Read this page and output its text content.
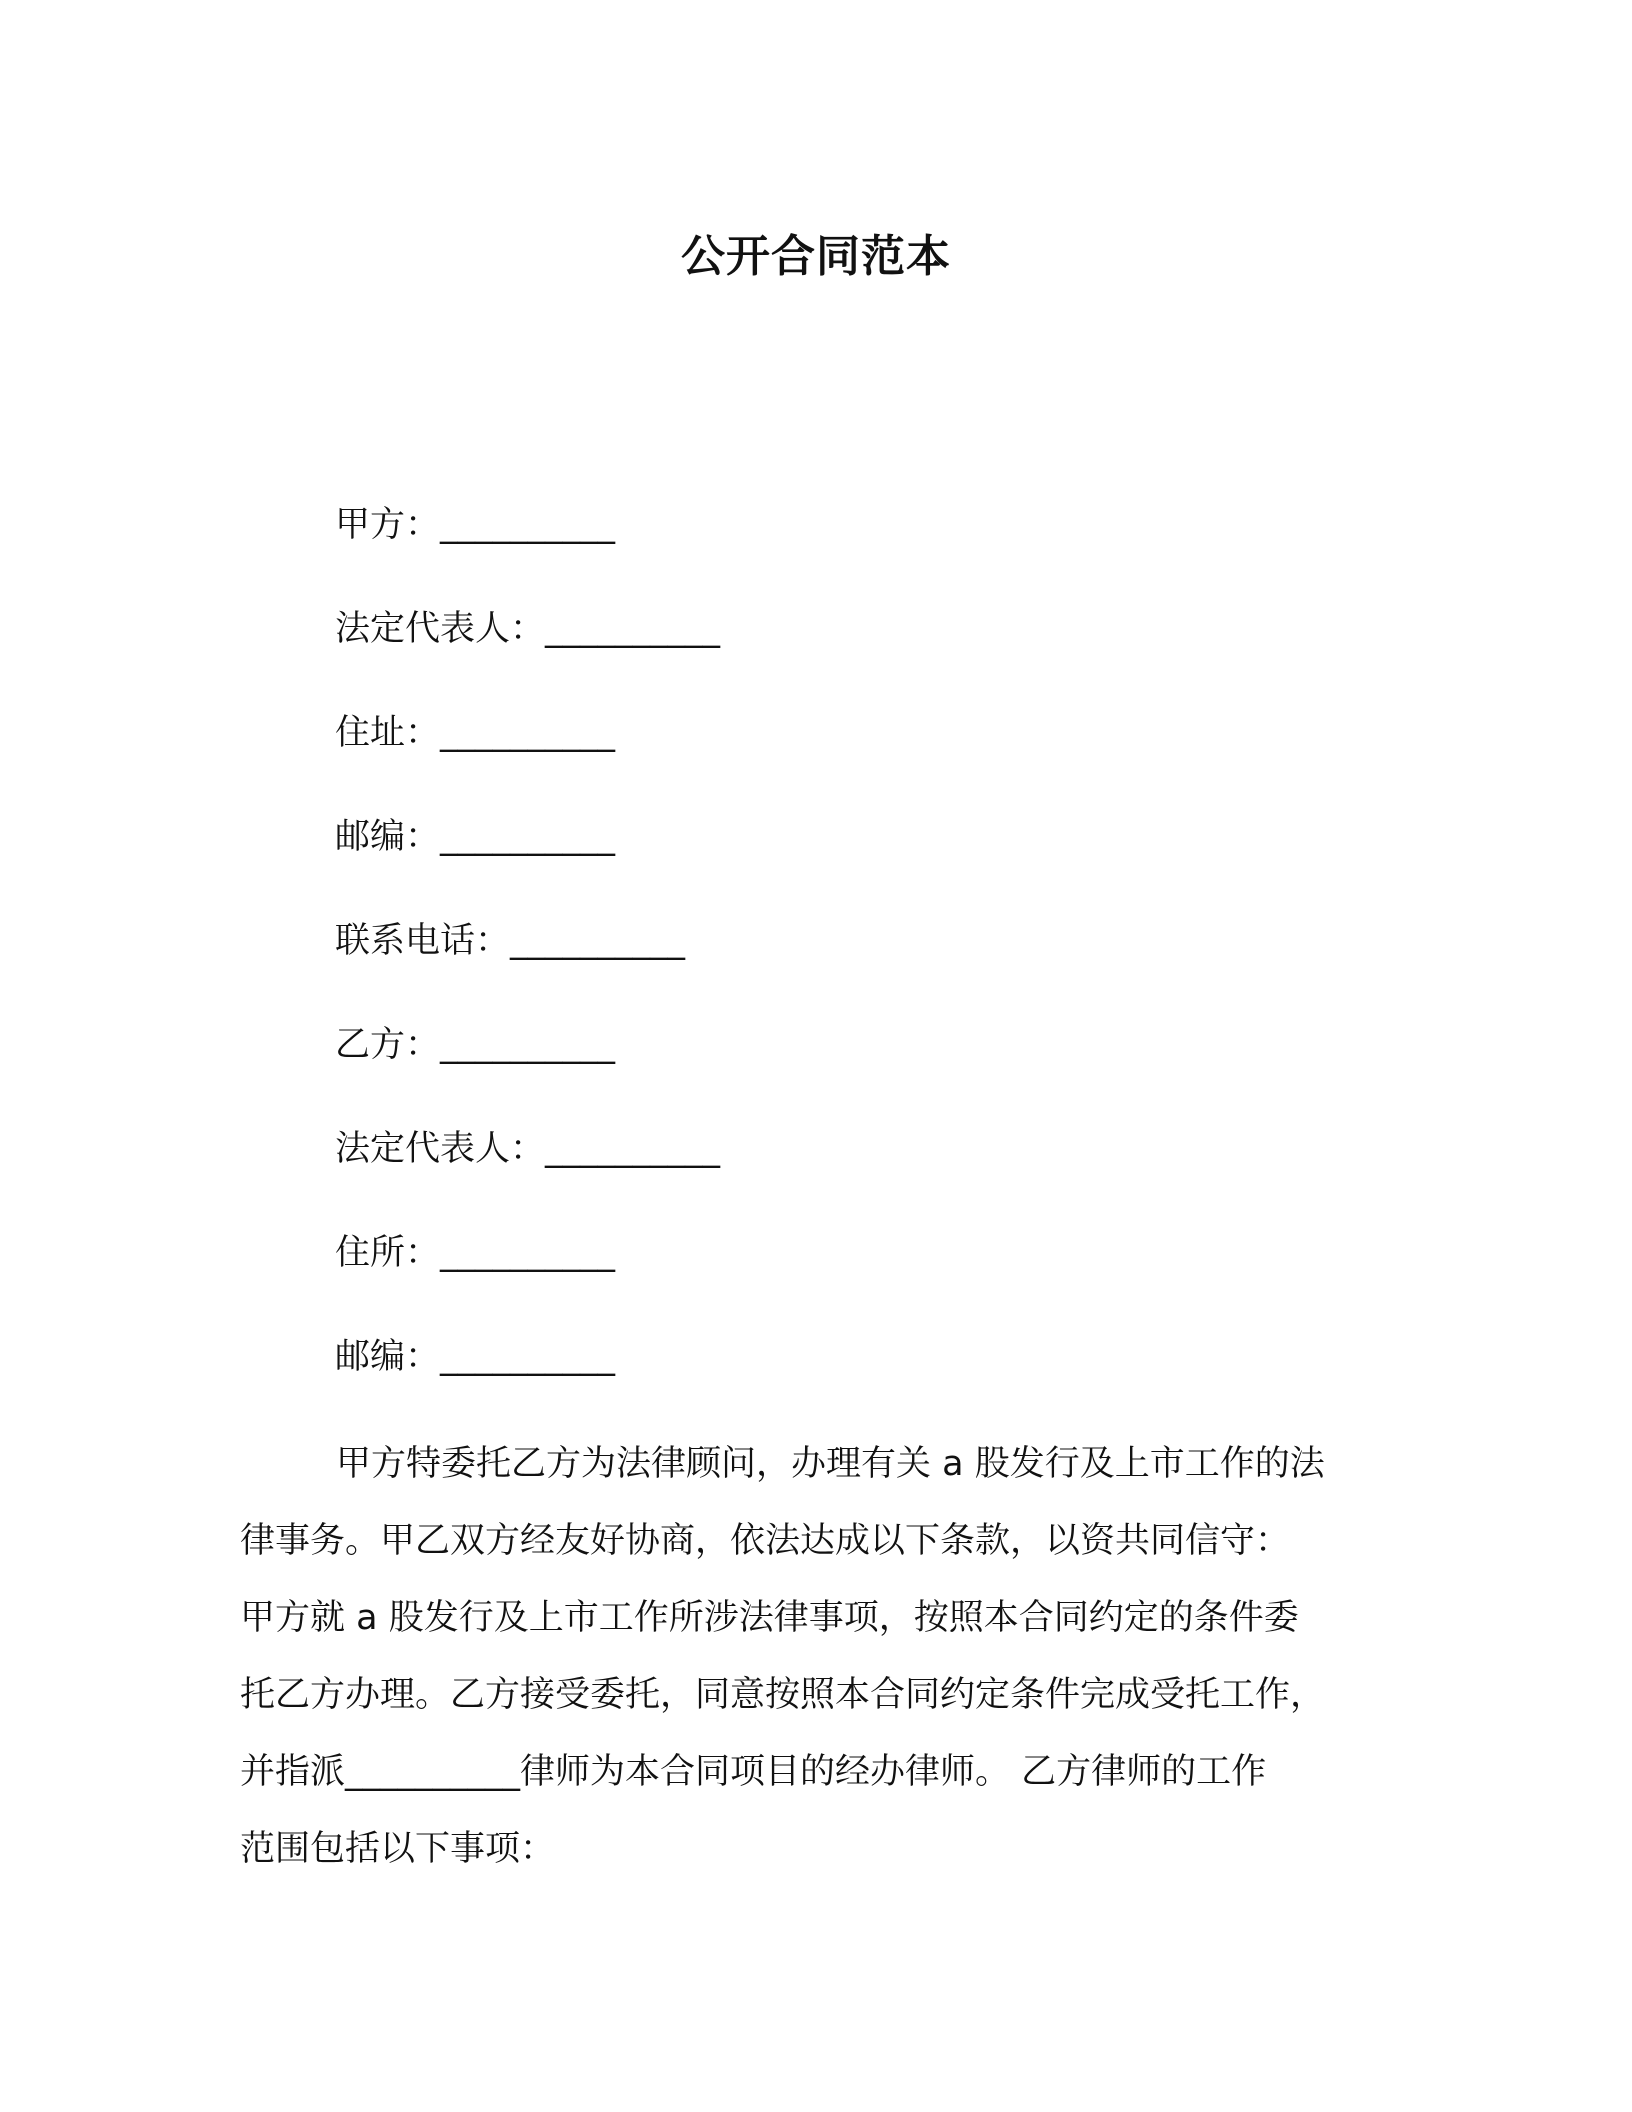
公开合同范本
甲方：__________
法定代表人：__________
住址：__________
邮编：__________
联系电话：__________
乙方：__________
法定代表人：__________
住所：__________
邮编：__________
甲方特委托乙方为法律顾问，办理有关 a 股发行及上市工作的法
律事务。甲乙双方经友好协商，依法达成以下条款，以资共同信守：
甲方就 a 股发行及上市工作所涉法律事项，按照本合同约定的条件委
托乙方办理。乙方接受委托，同意按照本合同约定条件完成受托工作，
并指派__________律师为本合同项目的经办律师。 乙方律师的工作
范围包括以下事项：
